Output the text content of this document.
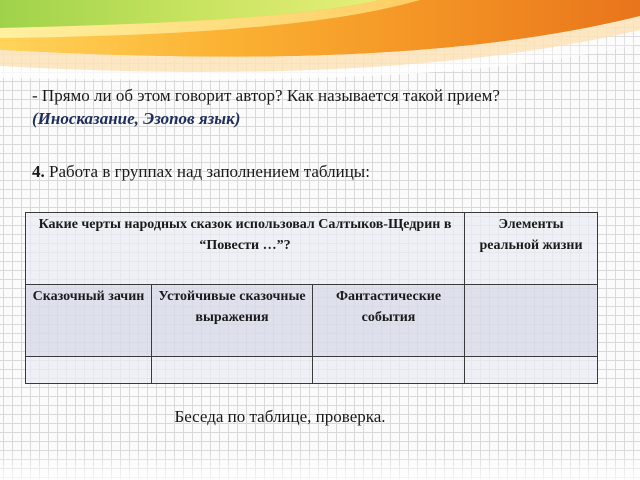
- Прямо ли об этом говорит автор? Как называется такой прием? (Иносказание, Эзопов язык)
4. Работа в группах над заполнением таблицы:
Какие черты народных сказок использовал Салтыков-Щедрин в “Повести …”?			Элементы реальной жизни

Сказочный зачин	Устойчивые сказочные выражения	Фантастические события	

Беседа по таблице, проверка.
